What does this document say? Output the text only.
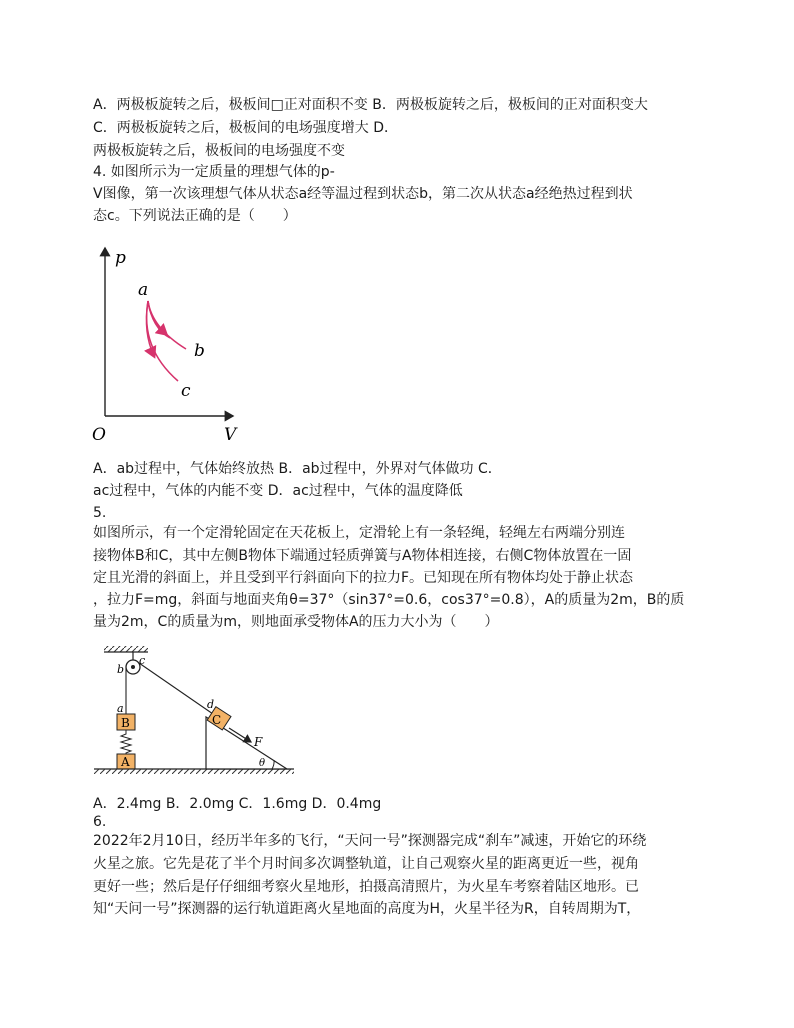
A．两极板旋转之后，极板间□正对面积不变 B．两极板旋转之后，极板间的正对面积变大
C．两极板旋转之后，极板间的电场强度增大 D．
两极板旋转之后，极板间的电场强度不变
4. 如图所示为一定质量的理想气体的p-
V图像，第一次该理想气体从状态a经等温过程到状态b，第二次从状态a经绝热过程到状
态c。下列说法正确的是（　　）
p
V
O
a
b
c
A．ab过程中，气体始终放热 B．ab过程中，外界对气体做功 C．
ac过程中，气体的内能不变 D．ac过程中，气体的温度降低
5.
如图所示，有一个定滑轮固定在天花板上，定滑轮上有一条轻绳，轻绳左右两端分别连
接物体B和C，其中左侧B物体下端通过轻质弹簧与A物体相连接，右侧C物体放置在一固
定且光滑的斜面上，并且受到平行斜面向下的拉力F。已知现在所有物体均处于静止状态
，拉力F=mg，斜面与地面夹角θ=37°（sin37°=0.6，cos37°=0.8），A的质量为2m，B的质
量为2m，C的质量为m，则地面承受物体A的压力大小为（　　）
c
b
a	d
B
A
C
F
θ
A．2.4mg B．2.0mg C．1.6mg D．0.4mg
6.
2022年2月10日，经历半年多的飞行，“天问一号”探测器完成“刹车”减速，开始它的环绕
火星之旅。它先是花了半个月时间多次调整轨道，让自己观察火星的距离更近一些，视角
更好一些；然后是仔仔细细考察火星地形，拍摄高清照片，为火星车考察着陆区地形。已
知“天问一号”探测器的运行轨道距离火星地面的高度为H，火星半径为R，自转周期为T，
